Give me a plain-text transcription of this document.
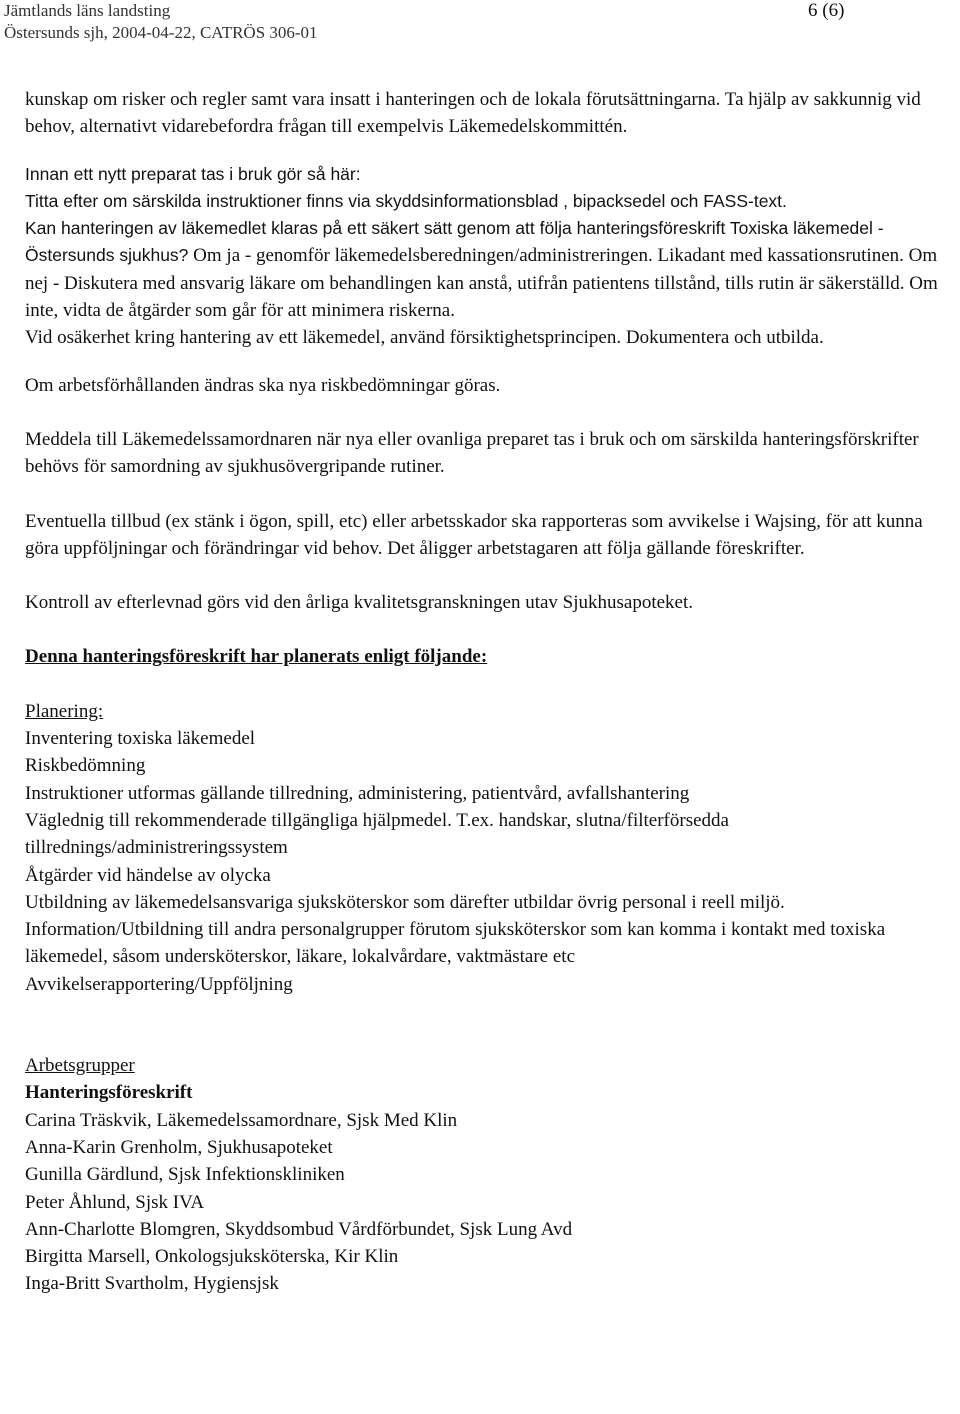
Jämtlands läns landsting
Östersunds sjh, 2004-04-22, CATRÖS 306-01
6 (6)

kunskap om risker och regler samt vara insatt i hanteringen och de lokala förutsättningarna. Ta hjälp av sakkunnig vid behov, alternativt vidarebefordra frågan till exempelvis Läkemedelskommittén.

Innan ett nytt preparat tas i bruk gör så här:

Titta efter om särskilda instruktioner finns via skyddsinformationsblad , bipacksedel och FASS-text.

Kan hanteringen av läkemedlet klaras på ett säkert sätt genom att följa hanteringsföreskrift Toxiska läkemedel - Östersunds sjukhus? Om ja - genomför läkemedelsberedningen/administreringen. Likadant med kassationsrutinen. Om nej - Diskutera med ansvarig läkare om behandlingen kan anstå, utifrån patientens tillstånd, tills rutin är säkerställd. Om inte, vidta de åtgärder som går för att minimera riskerna.

Vid osäkerhet kring hantering av ett läkemedel, använd försiktighetsprincipen. Dokumentera och utbilda.

Om arbetsförhållanden ändras ska nya riskbedömningar göras.

Meddela till Läkemedelssamordnaren när nya eller ovanliga preparet tas i bruk och om särskilda hanteringsförskrifter behövs för samordning av sjukhusövergripande rutiner.

Eventuella tillbud (ex stänk i ögon, spill, etc) eller arbetsskador ska rapporteras som avvikelse i Wajsing, för att kunna göra uppföljningar och förändringar vid behov. Det åligger arbetstagaren att följa gällande föreskrifter.

Kontroll av efterlevnad görs vid den årliga kvalitetsgranskningen utav Sjukhusapoteket.

Denna hanteringsföreskrift har planerats enligt följande:

Planering:

Inventering toxiska läkemedel

Riskbedömning

Instruktioner utformas gällande tillredning, administering, patientvård, avfallshantering

Väglednig till rekommenderade tillgängliga hjälpmedel. T.ex. handskar, slutna/filterförsedda tillrednings/administreringssystem

Åtgärder vid händelse av olycka

Utbildning av läkemedelsansvariga sjuksköterskor som därefter utbildar övrig personal i reell miljö.

Information/Utbildning till andra personalgrupper förutom sjuksköterskor som kan komma i kontakt med toxiska läkemedel, såsom undersköterskor, läkare, lokalvårdare, vaktmästare etc

Avvikelserapportering/Uppföljning

Arbetsgrupper

Hanteringsföreskrift

Carina Träskvik, Läkemedelssamordnare, Sjsk Med Klin

Anna-Karin Grenholm, Sjukhusapoteket

Gunilla Gärdlund, Sjsk Infektionskliniken

Peter Åhlund, Sjsk IVA

Ann-Charlotte Blomgren, Skyddsombud Vårdförbundet, Sjsk Lung Avd

Birgitta Marsell, Onkologsjuksköterska, Kir Klin

Inga-Britt Svartholm, Hygiensjsk
